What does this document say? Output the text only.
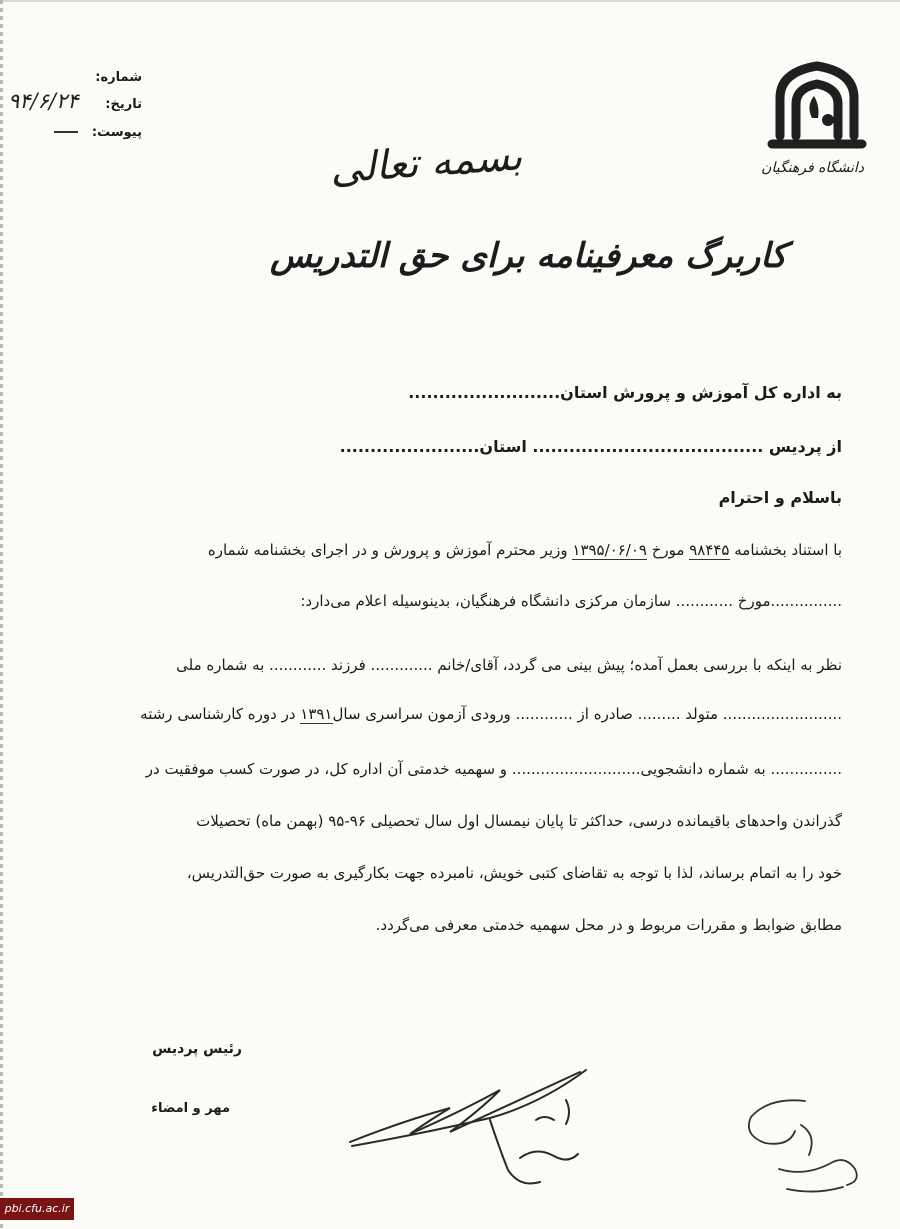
دانشگاه فرهنگیان
شماره:
تاریخ:
پیوست:
۹۴/۶/۲۴
بسمه تعالی
کاربرگ معرفینامه برای حق التدریس
به اداره کل آموزش و پرورش استان.........................
از پردیس ...................................... استان.......................
باسلام و احترام
با استناد بخشنامه ۹۸۴۴۵ مورخ ۱۳۹۵/۰۶/۰۹ وزیر محترم آموزش و پرورش و در اجرای بخشنامه شماره
...............مورخ ............ سازمان مرکزی دانشگاه فرهنگیان، بدینوسیله اعلام می‌دارد:
نظر به اینکه با بررسی بعمل آمده؛ پیش بینی می گردد، آقای/خانم ............. فرزند ............ به شماره ملی
......................... متولد ......... صادره از ............ ورودی آزمون سراسری سال۱۳۹۱ در دوره کارشناسی رشته
............... به شماره دانشجویی........................... و سهمیه خدمتی آن اداره کل، در صورت کسب موفقیت در
گذراندن واحدهای باقیمانده درسی، حداکثر تا پایان نیمسال اول سال تحصیلی ۹۶-۹۵ (بهمن ماه) تحصیلات
خود را به اتمام برساند، لذا با توجه به تقاضای کتبی خویش، نامبرده جهت بکارگیری به صورت حق‌التدریس،
مطابق ضوابط و مقررات مربوط و در محل سهمیه خدمتی معرفی می‌گردد.
رئیس پردیس
مهر و امضاء
pbi.cfu.ac.ir
